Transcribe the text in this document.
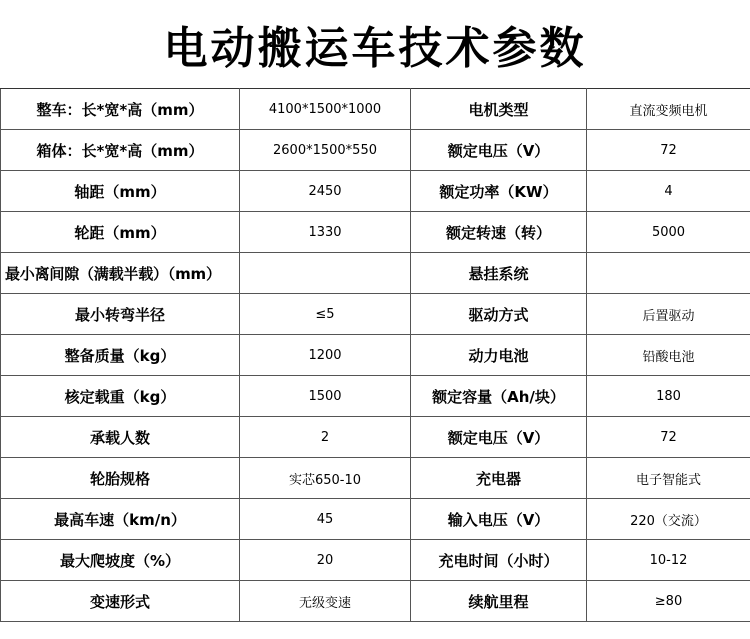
电动搬运车技术参数
整车：长*宽*高（mm）	4100*1500*1000	电机类型	直流变频电机
箱体：长*宽*高（mm）	2600*1500*550	额定电压（V）	72
轴距（mm）	2450	额定功率（KW）	4
轮距（mm）	1330	额定转速（转）	5000
最小离间隙（满载半载）（mm）		悬挂系统	
最小转弯半径	≤5	驱动方式	后置驱动
整备质量（kg）	1200	动力电池	铅酸电池
核定载重（kg）	1500	额定容量（Ah/块）	180
承载人数	2	额定电压（V）	72
轮胎规格	实芯650-10	充电器	电子智能式
最高车速（km/n）	45	输入电压（V）	220（交流）
最大爬坡度（%）	20	充电时间（小时）	10-12
变速形式	无级变速	续航里程	≥80
